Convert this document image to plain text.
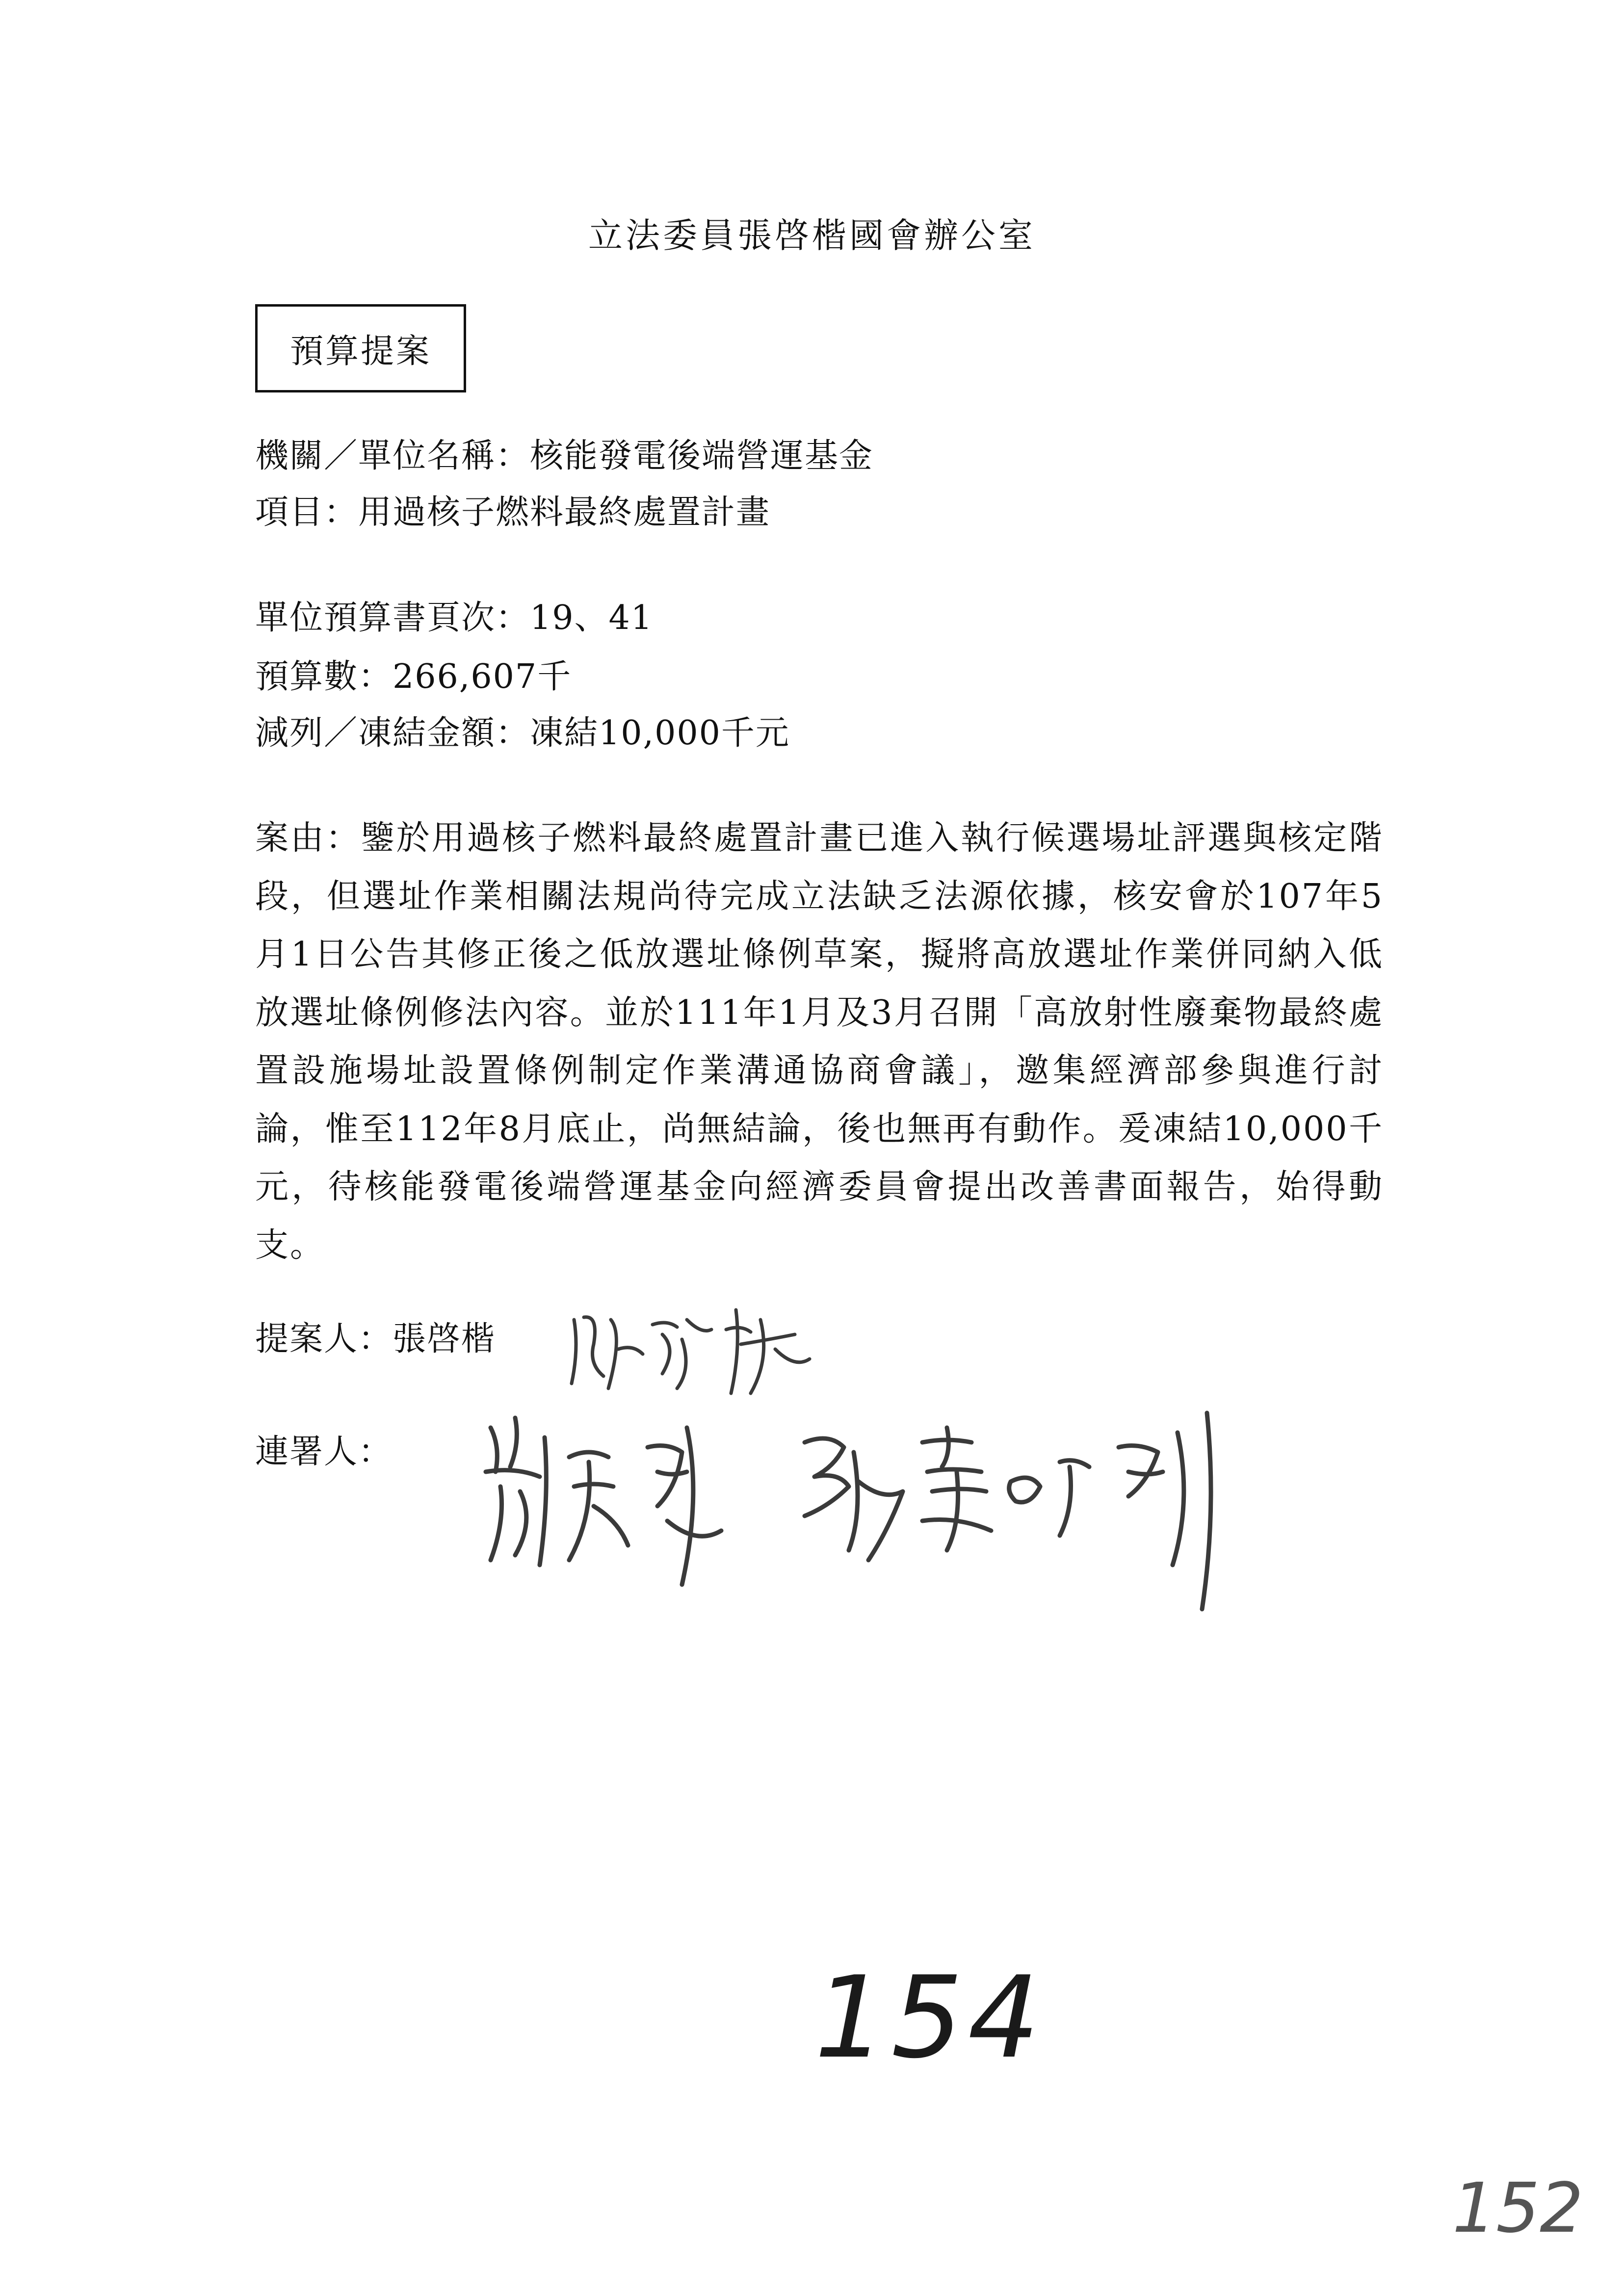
立法委員張啓楷國會辦公室
預算提案
機關／單位名稱：核能發電後端營運基金
項目：用過核子燃料最終處置計畫
單位預算書頁次：19、41
預算數：266,607千
減列／凍結金額：凍結10,000千元
案由：鑒於用過核子燃料最終處置計畫已進入執行候選場址評選與核定階段，但選址作業相關法規尚待完成立法缺乏法源依據，核安會於107年5月1日公告其修正後之低放選址條例草案，擬將高放選址作業併同納入低放選址條例修法內容。並於111年1月及3月召開「高放射性廢棄物最終處置設施場址設置條例制定作業溝通協商會議」，邀集經濟部參與進行討論，惟至112年8月底止，尚無結論，後也無再有動作。爰凍結10,000千元，待核能發電後端營運基金向經濟委員會提出改善書面報告，始得動支。
提案人：張啓楷
連署人：
154
152
